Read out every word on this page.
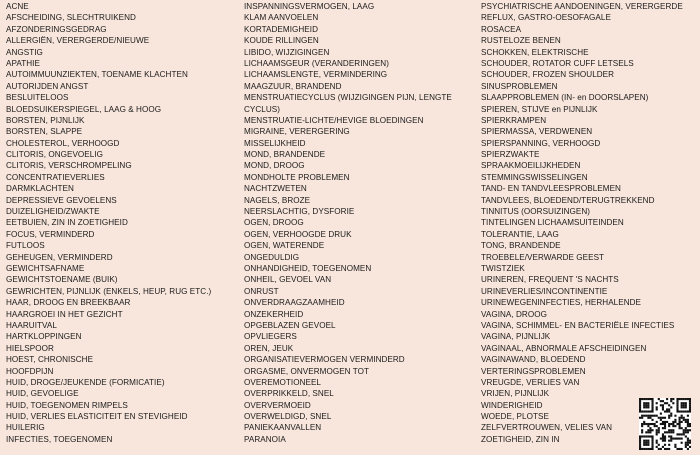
ACNE
AFSCHEIDING, SLECHTRUIKEND
AFZONDERINGSGEDRAG
ALLERGIËN, VERERGERDE/NIEUWE
ANGSTIG
APATHIE
AUTOIMMUUNZIEKTEN, TOENAME KLACHTEN
AUTORIJDEN ANGST
BESLUITELOOS
BLOEDSUIKERSPIEGEL, LAAG & HOOG
BORSTEN, PIJNLIJK
BORSTEN, SLAPPE
CHOLESTEROL, VERHOOGD
CLITORIS, ONGEVOELIG
CLITORIS, VERSCHROMPELING
CONCENTRATIEVERLIES
DARMKLACHTEN
DEPRESSIEVE GEVOELENS
DUIZELIGHEID/ZWAKTE
EETBUIEN, ZIN IN ZOETIGHEID
FOCUS, VERMINDERD
FUTLOOS
GEHEUGEN, VERMINDERD
GEWICHTSAFNAME
GEWICHTSTOENAME (BUIK)
GEWRICHTEN, PIJNLIJK (ENKELS, HEUP, RUG ETC.)
HAAR, DROOG EN BREEKBAAR
HAARGROEI IN HET GEZICHT
HAARUITVAL
HARTKLOPPINGEN
HIELSPOOR
HOEST, CHRONISCHE
HOOFDPIJN
HUID, DROGE/JEUKENDE (FORMICATIE)
HUID, GEVOELIGE
HUID, TOEGENOMEN RIMPELS
HUID, VERLIES ELASTICITEIT EN STEVIGHEID
HUILERIG
INFECTIES, TOEGENOMEN
INSPANNINGSVERMOGEN, LAAG
KLAM AANVOELEN
KORTADEMIGHEID
KOUDE RILLINGEN
LIBIDO, WIJZIGINGEN
LICHAAMSGEUR (VERANDERINGEN)
LICHAAMSLENGTE, VERMINDERING
MAAGZUUR, BRANDEND
MENSTRUATIECYCLUS (WIJZIGINGEN PIJN, LENGTE
CYCLUS)
MENSTRUATIE-LICHTE/HEVIGE BLOEDINGEN
MIGRAINE, VERERGERING
MISSELIJKHEID
MOND, BRANDENDE
MOND, DROOG
MONDHOLTE PROBLEMEN
NACHTZWETEN
NAGELS, BROZE
NEERSLACHTIG, DYSFORIE
OGEN, DROOG
OGEN, VERHOOGDE DRUK
OGEN, WATERENDE
ONGEDULDIG
ONHANDIGHEID, TOEGENOMEN
ONHEIL, GEVOEL VAN
ONRUST
ONVERDRAAGZAAMHEID
ONZEKERHEID
OPGEBLAZEN GEVOEL
OPVLIEGERS
OREN, JEUK
ORGANISATIEVERMOGEN VERMINDERD
ORGASME, ONVERMOGEN TOT
OVEREMOTIONEEL
OVERPRIKKELD, SNEL
OVERVERMOEID
OVERWELDIGD, SNEL
PANIEKAANVALLEN
PARANOIA
PSYCHIATRISCHE AANDOENINGEN, VERERGERDE
REFLUX, GASTRO-OESOFAGALE
ROSACEA
RUSTELOZE BENEN
SCHOKKEN, ELEKTRISCHE
SCHOUDER, ROTATOR CUFF LETSELS
SCHOUDER, FROZEN SHOULDER
SINUSPROBLEMEN
SLAAPPROBLEMEN (IN- en DOORSLAPEN)
SPIEREN, STIJVE en PIJNLIJK
SPIERKRAMPEN
SPIERMASSA, VERDWENEN
SPIERSPANNING, VERHOOGD
SPIERZWAKTE
SPRAAKMOEILIJKHEDEN
STEMMINGSWISSELINGEN
TAND- EN TANDVLEESPROBLEMEN
TANDVLEES, BLOEDEND/TERUGTREKKEND
TINNITUS (OORSUIZINGEN)
TINTELINGEN LICHAAMSUITEINDEN
TOLERANTIE, LAAG
TONG, BRANDENDE
TROEBELE/VERWARDE GEEST
TWISTZIEK
URINEREN, FREQUENT 'S NACHTS
URINEVERLIES/INCONTINENTIE
URINEWEGENINFECTIES, HERHALENDE
VAGINA, DROOG
VAGINA, SCHIMMEL- EN BACTERIËLE INFECTIES
VAGINA, PIJNLIJK
VAGINAAL, ABNORMALE AFSCHEIDINGEN
VAGINAWAND, BLOEDEND
VERTERINGSPROBLEMEN
VREUGDE, VERLIES VAN
VRIJEN, PIJNLIJK
WINDERIGHEID
WOEDE, PLOTSE
ZELFVERTROUWEN, VELIES VAN
ZOETIGHEID, ZIN IN
